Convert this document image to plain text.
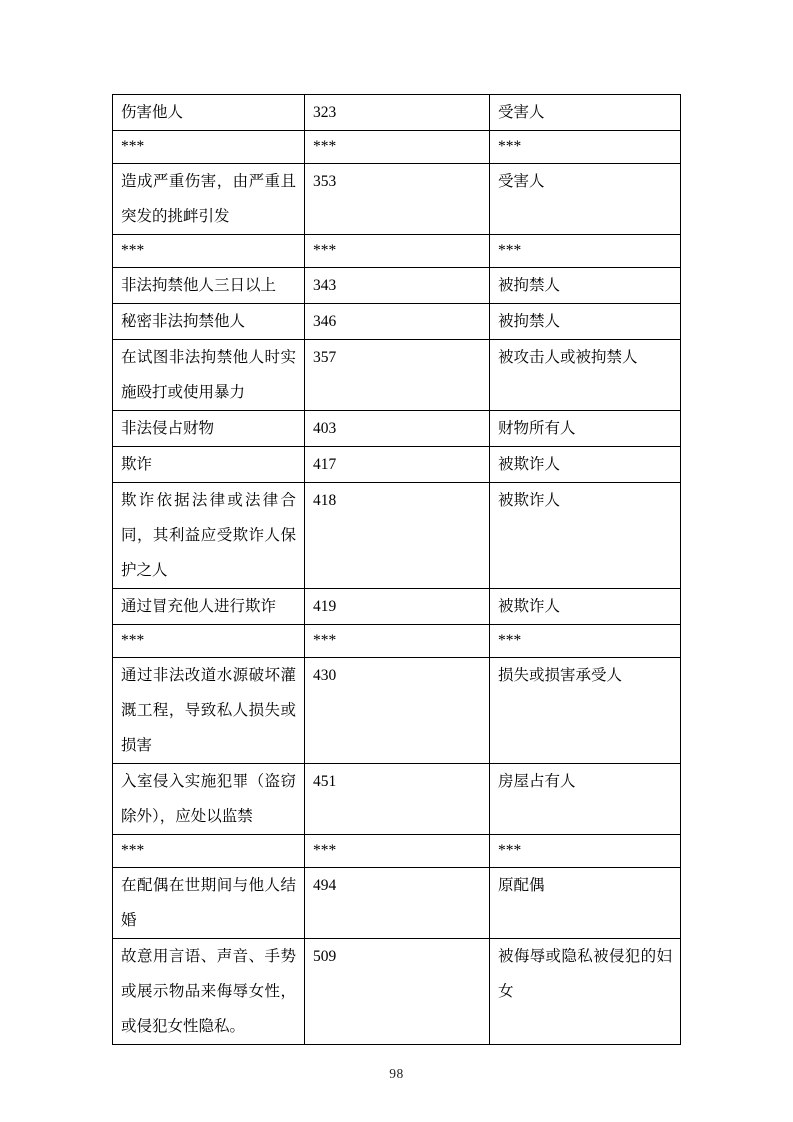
伤害他人	323	受害人
***	***	***
造成严重伤害，由严重且突发的挑衅引发	353	受害人
***	***	***
非法拘禁他人三日以上	343	被拘禁人
秘密非法拘禁他人	346	被拘禁人
在试图非法拘禁他人时实施殴打或使用暴力	357	被攻击人或被拘禁人
非法侵占财物	403	财物所有人
欺诈	417	被欺诈人
欺诈依据法律或法律合同，其利益应受欺诈人保护之人	418	被欺诈人
通过冒充他人进行欺诈	419	被欺诈人
***	***	***
通过非法改道水源破坏灌溉工程，导致私人损失或损害	430	损失或损害承受人
入室侵入实施犯罪（盗窃除外），应处以监禁	451	房屋占有人
***	***	***
在配偶在世期间与他人结婚	494	原配偶
故意用言语、声音、手势或展示物品来侮辱女性，或侵犯女性隐私。	509	被侮辱或隐私被侵犯的妇女
98
